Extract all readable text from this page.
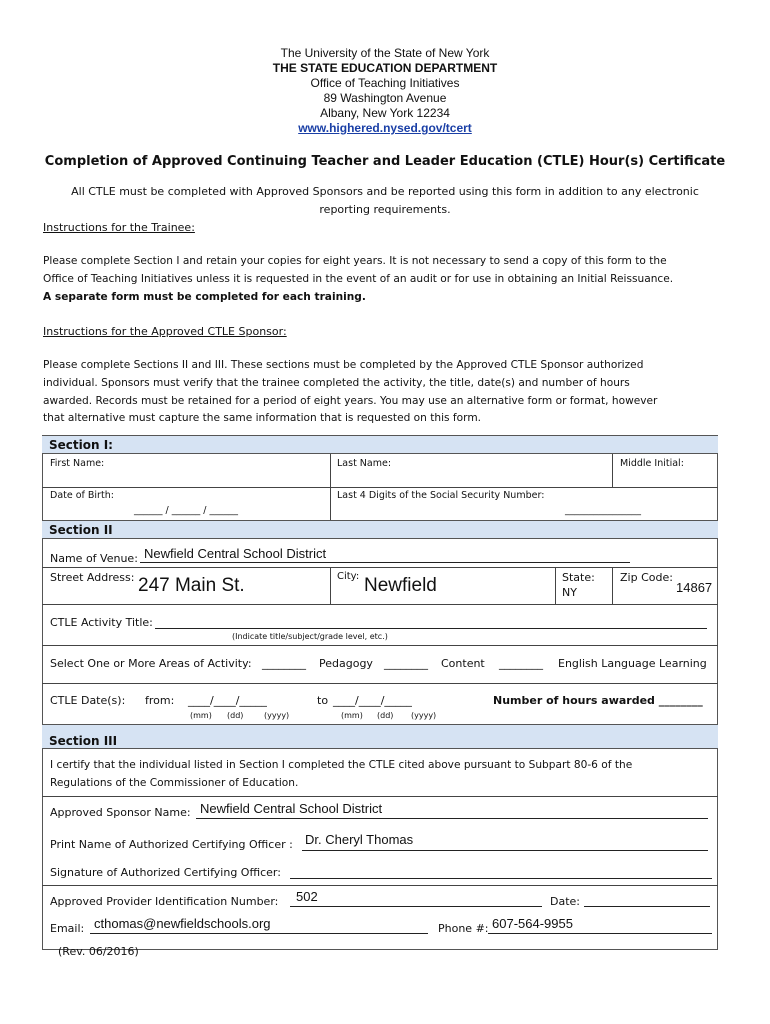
The University of the State of New York
THE STATE EDUCATION DEPARTMENT
Office of Teaching Initiatives
89 Washington Avenue
Albany, New York 12234
www.highered.nysed.gov/tcert
Completion of Approved Continuing Teacher and Leader Education (CTLE) Hour(s) Certificate
All CTLE must be completed with Approved Sponsors and be reported using this form in addition to any electronic
reporting requirements.
Instructions for the Trainee:
Please complete Section I and retain your copies for eight years. It is not necessary to send a copy of this form to the
Office of Teaching Initiatives unless it is requested in the event of an audit or for use in obtaining an Initial Reissuance.
A separate form must be completed for each training.
Instructions for the Approved CTLE Sponsor:
Please complete Sections II and III. These sections must be completed by the Approved CTLE Sponsor authorized
individual. Sponsors must verify that the trainee completed the activity, the title, date(s) and number of hours
awarded. Records must be retained for a period of eight years. You may use an alternative form or format, however
that alternative must capture the same information that is requested on this form.
Section I:
First Name:	Last Name:	Middle Initial:
Date of Birth:
______ / ______ / ______
Last 4 Digits of the Social Security Number:
________________
Section II
Name of Venue: Newfield Central School District
Street Address: 247 Main St.	City: Newfield	State:
NY
Zip Code:
14867
CTLE Activity Title:
(Indicate title/subject/grade level, etc.)
Select One or More Areas of Activity: ________ Pedagogy ________ Content ________ English Language Learning
CTLE Date(s): from: ____/____/_____
(mm) (dd)	(yyyy)
to ____/____/_____
(mm) (dd) (yyyy)
Number of hours awarded ________
Section III
I certify that the individual listed in Section I completed the CTLE cited above pursuant to Subpart 80-6 of the
Regulations of the Commissioner of Education.
Approved Sponsor Name: Newfield Central School District
Print Name of Authorized Certifying Officer : Dr. Cheryl Thomas
Signature of Authorized Certifying Officer:
Approved Provider Identification Number: 502	Date:
Email: cthomas@newfieldschools.org	Phone #: 607-564-9955
(Rev. 06/2016)
